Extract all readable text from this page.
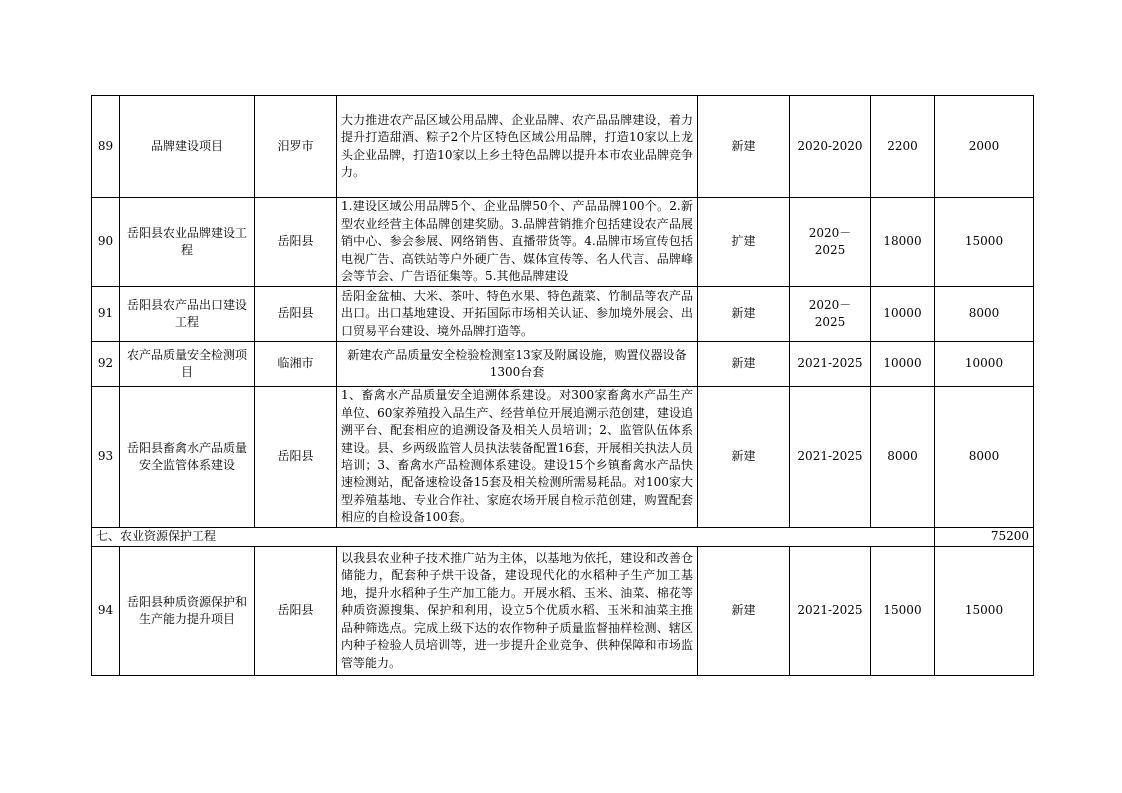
89	品牌建设项目	汨罗市	大力推进农产品区域公用品牌、企业品牌、农产品品牌建设，着力提升打造甜酒、粽子2个片区特色区域公用品牌，打造10家以上龙头企业品牌，打造10家以上乡土特色品牌以提升本市农业品牌竞争力。	新建	2020-2020	2200	2000
90	岳阳县农业品牌建设工程	岳阳县	1.建设区域公用品牌5个、企业品牌50个、产品品牌100个。2.新型农业经营主体品牌创建奖励。3.品牌营销推介包括建设农产品展销中心、参会参展、网络销售、直播带货等。4.品牌市场宣传包括电视广告、高铁站等户外硬广告、媒体宣传等、名人代言、品牌峰会等节会、广告语征集等。5.其他品牌建设	扩建	2020－2025	18000	15000
91	岳阳县农产品出口建设工程	岳阳县	岳阳金盆柚、大米、茶叶、特色水果、特色蔬菜、竹制品等农产品出口。出口基地建设、开拓国际市场相关认证、参加境外展会、出口贸易平台建设、境外品牌打造等。	新建	2020－2025	10000	8000
92	农产品质量安全检测项目	临湘市	新建农产品质量安全检验检测室13家及附属设施，购置仪器设备1300台套	新建	2021-2025	10000	10000
93	岳阳县畜禽水产品质量安全监管体系建设	岳阳县	1、畜禽水产品质量安全追溯体系建设。对300家畜禽水产品生产单位、60家养殖投入品生产、经营单位开展追溯示范创建，建设追溯平台、配套相应的追溯设备及相关人员培训；2、监管队伍体系建设。县、乡两级监管人员执法装备配置16套，开展相关执法人员培训；3、畜禽水产品检测体系建设。建设15个乡镇畜禽水产品快速检测站，配备速检设备15套及相关检测所需易耗品。对100家大型养殖基地、专业合作社、家庭农场开展自检示范创建，购置配套相应的自检设备100套。	新建	2021-2025	8000	8000
七、农业资源保护工程							75200
94	岳阳县种质资源保护和生产能力提升项目	岳阳县	以我县农业种子技术推广站为主体，以基地为依托，建设和改善仓储能力，配套种子烘干设备，建设现代化的水稻种子生产加工基地，提升水稻种子生产加工能力。开展水稻、玉米、油菜、棉花等种质资源搜集、保护和利用，设立5个优质水稻、玉米和油菜主推品种筛选点。完成上级下达的农作物种子质量监督抽样检测、辖区内种子检验人员培训等，进一步提升企业竞争、供种保障和市场监管等能力。	新建	2021-2025	15000	15000
